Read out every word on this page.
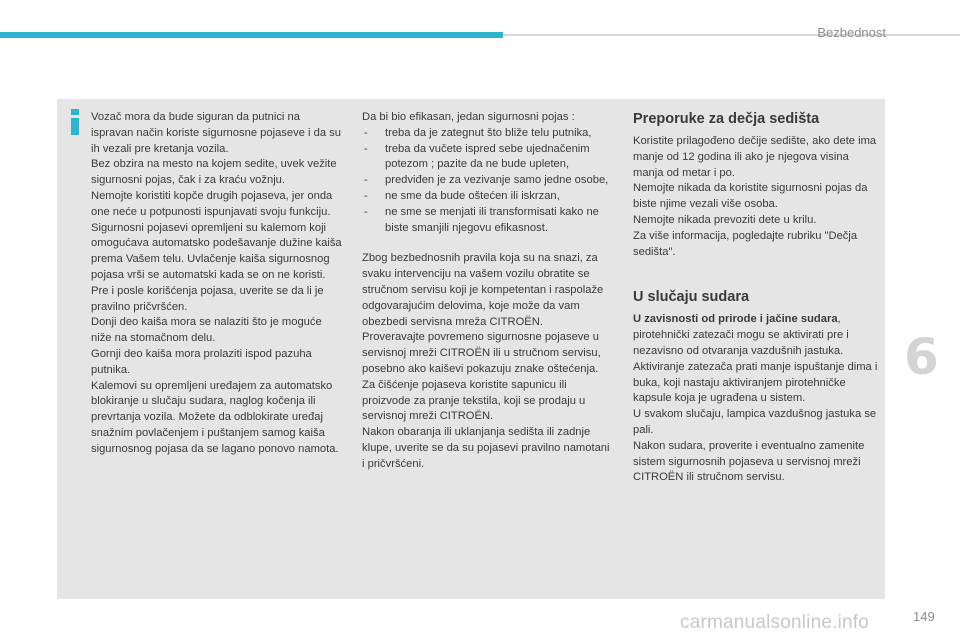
Bezbednost

Vozač mora da bude siguran da putnici na ispravan način koriste sigurnosne pojaseve i da su ih vezali pre kretanja vozila.

Bez obzira na mesto na kojem sedite, uvek vežite sigurnosni pojas, čak i za kraću vožnju.

Nemojte koristiti kopče drugih pojaseva, jer onda one neće u potpunosti ispunjavati svoju funkciju.

Sigurnosni pojasevi opremljeni su kalemom koji omogućava automatsko podešavanje dužine kaiša prema Vašem telu. Uvlačenje kaiša sigurnosnog pojasa vrši se automatski kada se on ne koristi.

Pre i posle korišćenja pojasa, uverite se da li je pravilno pričvršćen.

Donji deo kaiša mora se nalaziti što je moguće niže na stomačnom delu.

Gornji deo kaiša mora prolaziti ispod pazuha putnika.

Kalemovi su opremljeni uređajem za automatsko blokiranje u slučaju sudara, naglog kočenja ili prevrtanja vozila. Možete da odblokirate uređaj snažnim povlačenjem i puštanjem samog kaiša sigurnosnog pojasa da se lagano ponovo namota.

Da bi bio efikasan, jedan sigurnosni pojas :

- treba da je zategnut što bliže telu putnika,
- treba da vučete ispred sebe ujednačenim potezom ; pazite da ne bude upleten,
- predviđen je za vezivanje samo jedne osobe,
- ne sme da bude oštećen ili iskrzan,
- ne sme se menjati ili transformisati kako ne biste smanjili njegovu efikasnost.

Zbog bezbednosnih pravila koja su na snazi, za svaku intervenciju na vašem vozilu obratite se stručnom servisu koji je kompetentan i raspolaže odgovarajućim delovima, koje može da vam obezbedi servisna mreža CITROËN.

Proveravajte povremeno sigurnosne pojaseve u servisnoj mreži CITROËN ili u stručnom servisu, posebno ako kaiševi pokazuju znake oštećenja.

Za čišćenje pojaseva koristite sapunicu ili proizvode za pranje tekstila, koji se prodaju u servisnoj mreži CITROËN.

Nakon obaranja ili uklanjanja sedišta ili zadnje klupe, uverite se da su pojasevi pravilno namotani i pričvršćeni.

Preporuke za dečja sedišta

Koristite prilagođeno dečije sedište, ako dete ima manje od 12 godina ili ako je njegova visina manja od metar i po.

Nemojte nikada da koristite sigurnosni pojas da biste njime vezali više osoba.

Nemojte nikada prevoziti dete u krilu.

Za više informacija, pogledajte rubriku "Dečja sedišta".

U slučaju sudara

U zavisnosti od prirode i jačine sudara, pirotehnički zatezači mogu se aktivirati pre i nezavisno od otvaranja vazdušnih jastuka.

Aktiviranje zatezača prati manje ispuštanje dima i buka, koji nastaju aktiviranjem pirotehničke kapsule koja je ugrađena u sistem.

U svakom slučaju, lampica vazdušnog jastuka se pali.

Nakon sudara, proverite i eventualno zamenite sistem sigurnosnih pojaseva u servisnoj mreži CITROËN ili stručnom servisu.

6
carmanualsonline.info	149
